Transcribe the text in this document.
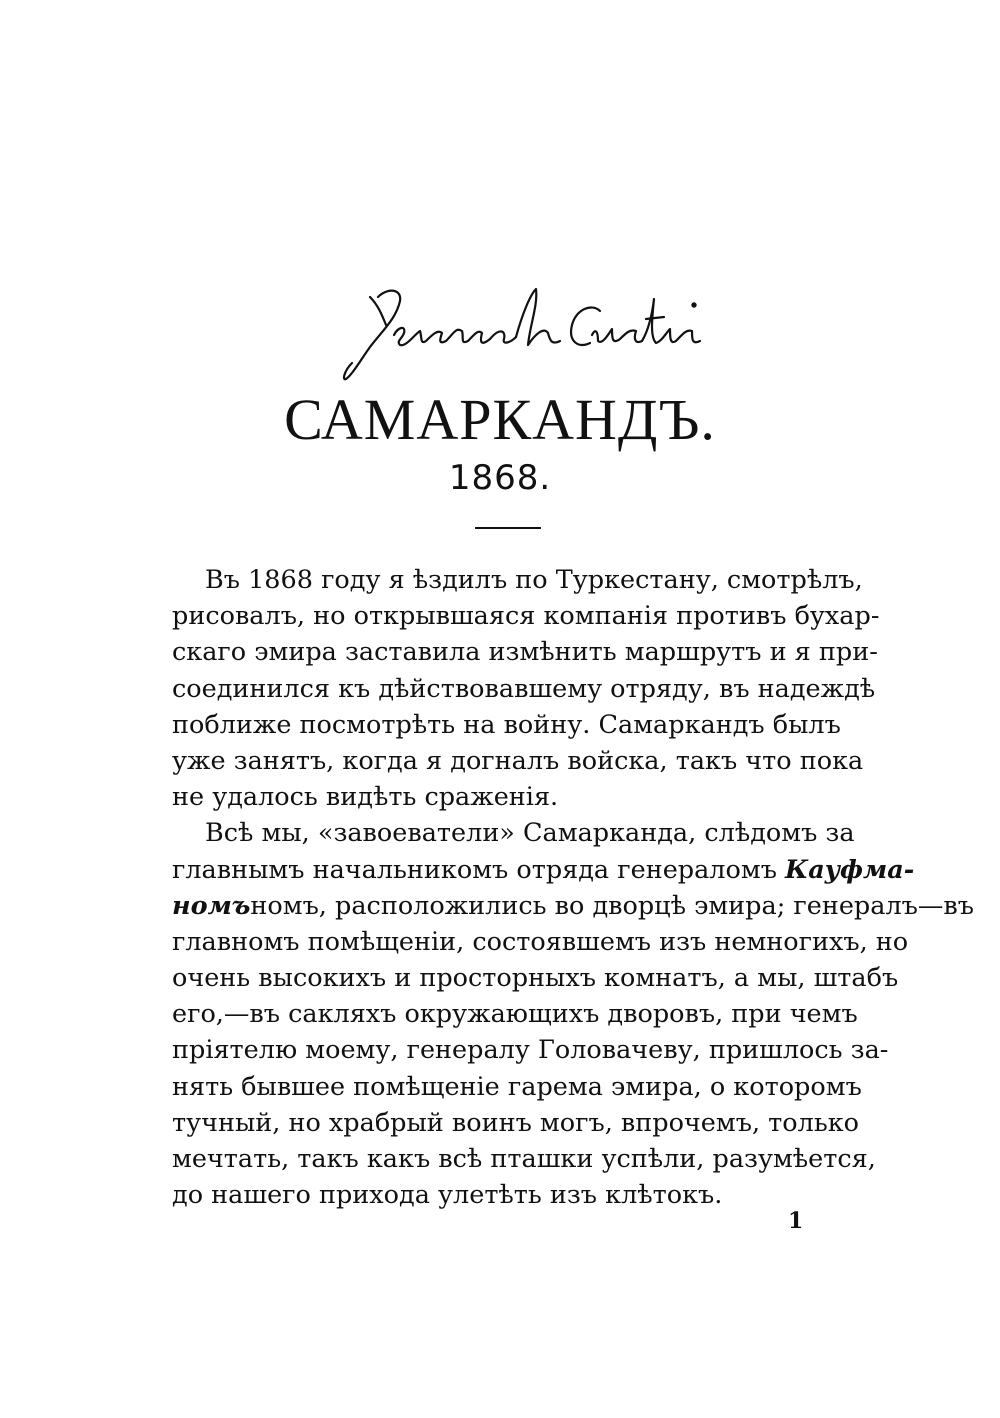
САМАРКАНДЪ.
1868.
Въ 1868 году я ѣздилъ по Туркестану, смотрѣлъ,
рисовалъ, но открывшаяся компанія противъ бухар-
скаго эмира заставила измѣнить маршрутъ и я при-
соединился къ дѣйствовавшему отряду, въ надеждѣ
поближе посмотрѣть на войну. Самаркандъ былъ
уже занятъ, когда я догналъ войска, такъ что пока
не удалось видѣть сраженія.
Всѣ мы, «завоеватели» Самарканда, слѣдомъ за
главнымъ начальникомъ отряда генераломъ Кауфма-
номъномъ, расположились во дворцѣ эмира; генералъ—въ
главномъ помѣщеніи, состоявшемъ изъ немногихъ, но
очень высокихъ и просторныхъ комнатъ, а мы, штабъ
его,—въ сакляхъ окружающихъ дворовъ, при чемъ
пріятелю моему, генералу Головачеву, пришлось за-
нять бывшее помѣщеніе гарема эмира, о которомъ
тучный, но храбрый воинъ могъ, впрочемъ, только
мечтать, такъ какъ всѣ пташки успѣли, разумѣется,
до нашего прихода улетѣть изъ клѣтокъ.
1
